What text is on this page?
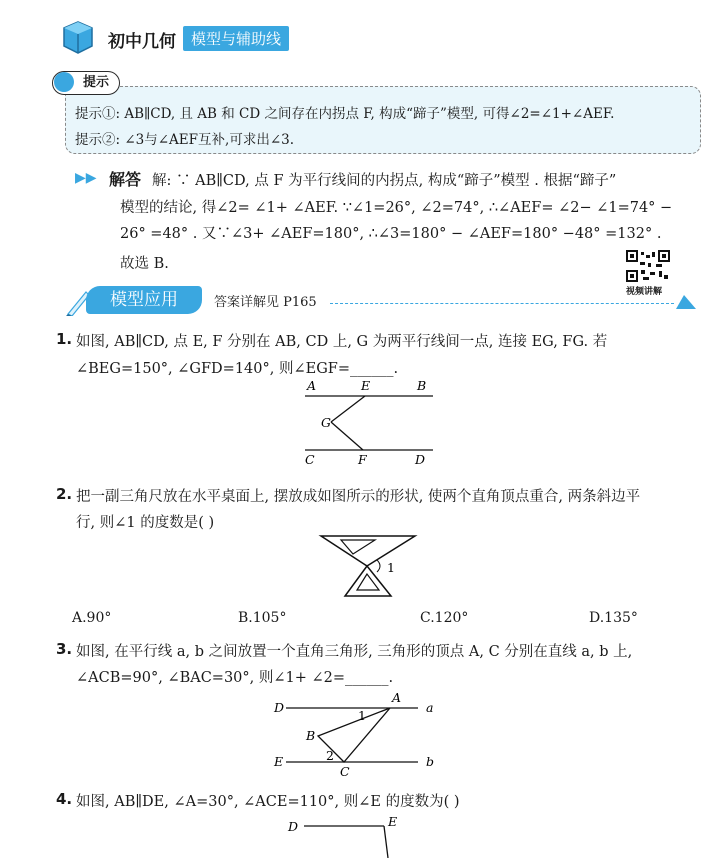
初中几何	模型与辅助线
提示
提示①: AB∥CD, 且 AB 和 CD 之间存在内拐点 F, 构成“蹄子”模型, 可得∠2=∠1+∠AEF.
提示②: ∠3与∠AEF互补,可求出∠3.
▶▶ 解答 解: ∵ AB∥CD, 点 F 为平行线间的内拐点, 构成“蹄子”模型 . 根据“蹄子”
模型的结论, 得∠2= ∠1+ ∠AEF. ∵∠1=26°, ∠2=74°, ∴∠AEF= ∠2− ∠1=74° −
26° =48° . 又∵∠3+ ∠AEF=180°, ∴∠3=180° − ∠AEF=180° −48° =132° .
故选 B.
视频讲解
模型应用	答案详解见 P165
1. 如图, AB∥CD, 点 E, F 分别在 AB, CD 上, G 为两平行线间一点, 连接 EG, FG. 若
∠BEG=150°, ∠GFD=140°, 则∠EGF=______.
A	E	B
G
C	F	D
2. 把一副三角尺放在水平桌面上, 摆放成如图所示的形状, 使两个直角顶点重合, 两条斜边平
行, 则∠1 的度数是( )
1
A.90°	B.105°	C.120°	D.135°
3. 如图, 在平行线 a, b 之间放置一个直角三角形, 三角形的顶点 A, C 分别在直线 a, b 上,
∠ACB=90°, ∠BAC=30°, 则∠1+ ∠2=______.
D
A
a
1
B
2
E
C
b
4. 如图, AB∥DE, ∠A=30°, ∠ACE=110°, 则∠E 的度数为( )
D	E
